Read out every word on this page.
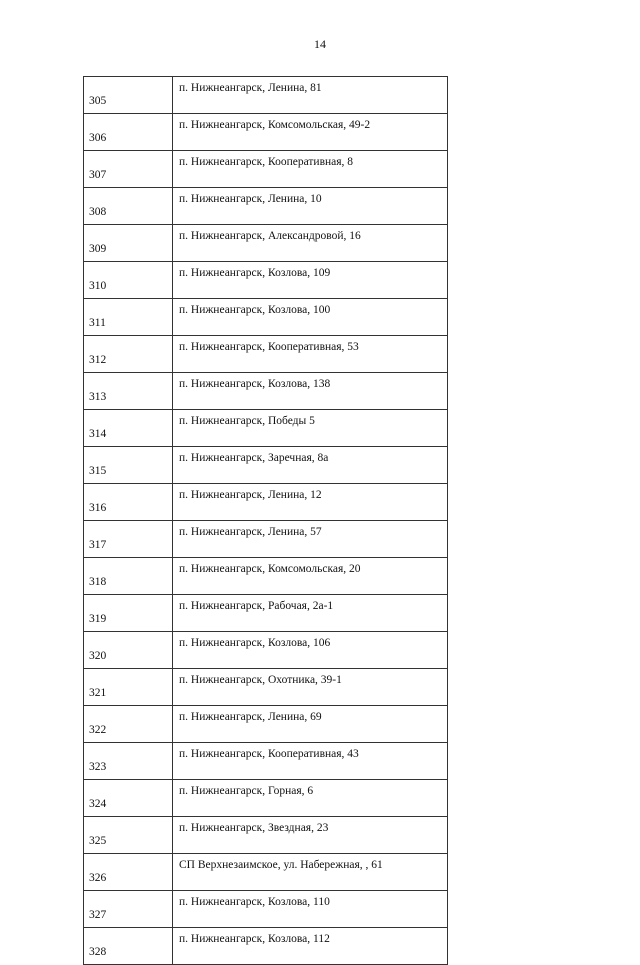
14
305	п. Нижнеангарск, Ленина, 81
306	п. Нижнеангарск, Комсомольская, 49-2
307	п. Нижнеангарск, Кооперативная, 8
308	п. Нижнеангарск, Ленина, 10
309	п. Нижнеангарск, Александровой, 16
310	п. Нижнеангарск, Козлова, 109
311	п. Нижнеангарск, Козлова, 100
312	п. Нижнеангарск, Кооперативная, 53
313	п. Нижнеангарск, Козлова, 138
314	п. Нижнеангарск, Победы 5
315	п. Нижнеангарск, Заречная, 8а
316	п. Нижнеангарск, Ленина, 12
317	п. Нижнеангарск, Ленина, 57
318	п. Нижнеангарск, Комсомольская, 20
319	п. Нижнеангарск, Рабочая, 2а-1
320	п. Нижнеангарск, Козлова, 106
321	п. Нижнеангарск, Охотника, 39-1
322	п. Нижнеангарск, Ленина, 69
323	п. Нижнеангарск, Кооперативная, 43
324	п. Нижнеангарск, Горная, 6
325	п. Нижнеангарск, Звездная, 23
326	СП Верхнезаимское, ул. Набережная, , 61
327	п. Нижнеангарск, Козлова, 110
328	п. Нижнеангарск, Козлова, 112
